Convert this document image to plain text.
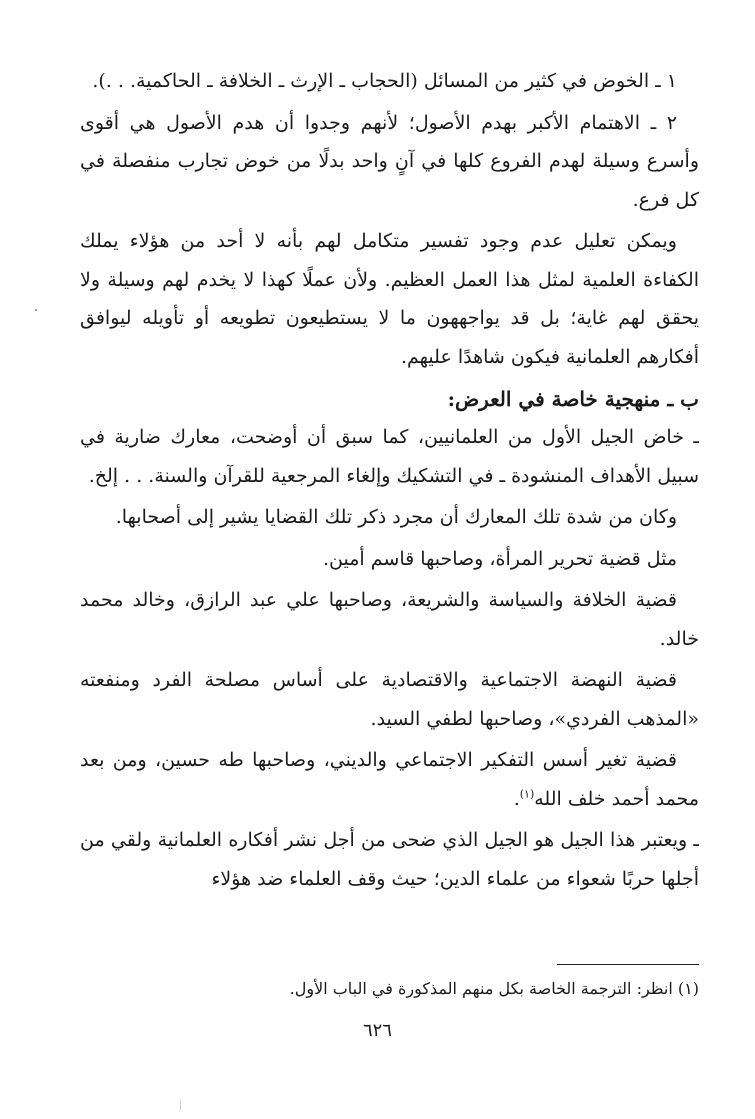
١ ـ الخوض في كثير من المسائل (الحجاب ـ الإرث ـ الخلافة ـ الحاكمية. . .).

٢ ـ الاهتمام الأكبر بهدم الأصول؛ لأنهم وجدوا أن هدم الأصول هي أقوى وأسرع وسيلة لهدم الفروع كلها في آنٍ واحد بدلًا من خوض تجارب منفصلة في كل فرع.

ويمكن تعليل عدم وجود تفسير متكامل لهم بأنه لا أحد من هؤلاء يملك الكفاءة العلمية لمثل هذا العمل العظيم. ولأن عملًا كهذا لا يخدم لهم وسيلة ولا يحقق لهم غاية؛ بل قد يواجههون ما لا يستطيعون تطويعه أو تأويله ليوافق أفكارهم العلمانية فيكون شاهدًا عليهم.

ب ـ منهجية خاصة في العرض:

ـ خاض الجيل الأول من العلمانيين، كما سبق أن أوضحت، معارك ضارية في سبيل الأهداف المنشودة ـ في التشكيك وإلغاء المرجعية للقرآن والسنة. . . إلخ.

وكان من شدة تلك المعارك أن مجرد ذكر تلك القضايا يشير إلى أصحابها.

مثل قضية تحرير المرأة، وصاحبها قاسم أمين.

قضية الخلافة والسياسة والشريعة، وصاحبها علي عبد الرازق، وخالد محمد خالد.

قضية النهضة الاجتماعية والاقتصادية على أساس مصلحة الفرد ومنفعته «المذهب الفردي»، وصاحبها لطفي السيد.

قضية تغير أسس التفكير الاجتماعي والديني، وصاحبها طه حسين، ومن بعد محمد أحمد خلف الله$^{(١)}$.

ـ ويعتبر هذا الجيل هو الجيل الذي ضحى من أجل نشر أفكاره العلمانية ولقي من أجلها حربًا شعواء من علماء الدين؛ حيث وقف العلماء ضد هؤلاء

(١) انظر: الترجمة الخاصة بكل منهم المذكورة في الباب الأول.
٦٢٦
